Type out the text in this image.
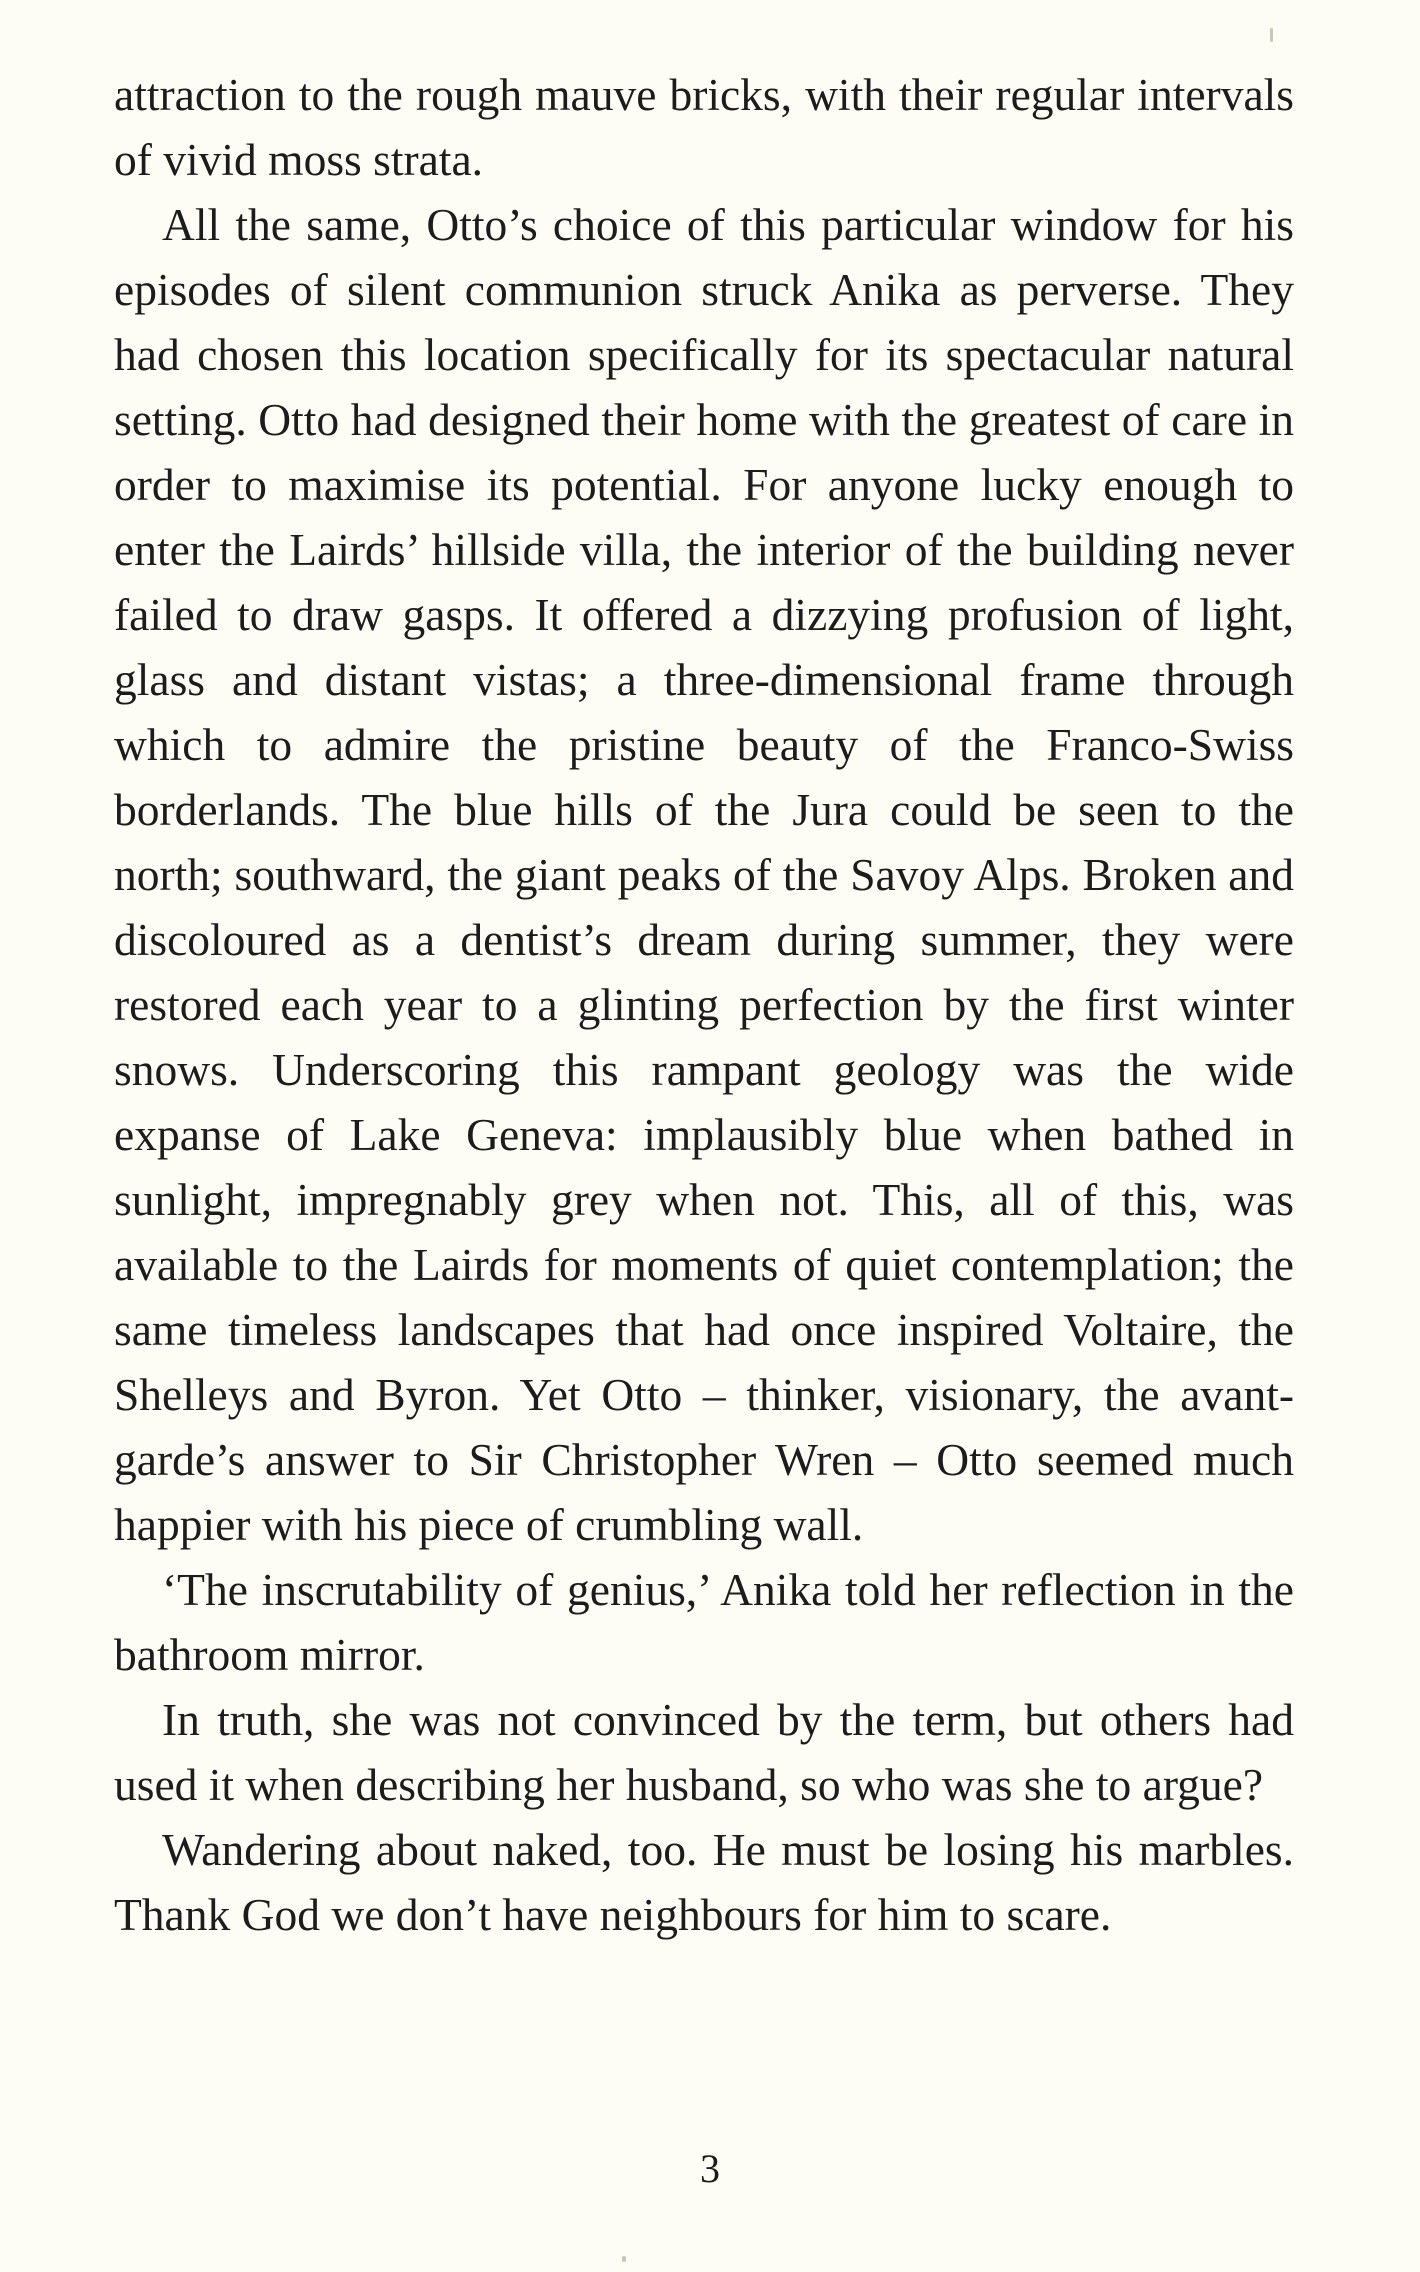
attraction to the rough mauve bricks, with their regular intervals of vivid moss strata.

All the same, Otto’s choice of this particular window for his episodes of silent communion struck Anika as perverse. They had chosen this location specifically for its spectacular natural setting. Otto had designed their home with the greatest of care in order to maximise its potential. For anyone lucky enough to enter the Lairds’ hillside villa, the interior of the building never failed to draw gasps. It offered a dizzying profusion of light, glass and distant vistas; a three-dimensional frame through which to admire the pristine beauty of the Franco-Swiss borderlands. The blue hills of the Jura could be seen to the north; southward, the giant peaks of the Savoy Alps. Broken and discoloured as a dentist’s dream during summer, they were restored each year to a glinting perfection by the first winter snows. Underscoring this rampant geology was the wide expanse of Lake Geneva: implausibly blue when bathed in sunlight, impregnably grey when not. This, all of this, was available to the Lairds for moments of quiet contemplation; the same timeless landscapes that had once inspired Voltaire, the Shelleys and Byron. Yet Otto – thinker, visionary, the avant-garde’s answer to Sir Christopher Wren – Otto seemed much happier with his piece of crumbling wall.

‘The inscrutability of genius,’ Anika told her reflection in the bathroom mirror.

In truth, she was not convinced by the term, but others had used it when describing her husband, so who was she to argue?

Wandering about naked, too. He must be losing his marbles. Thank God we don’t have neighbours for him to scare.

3
